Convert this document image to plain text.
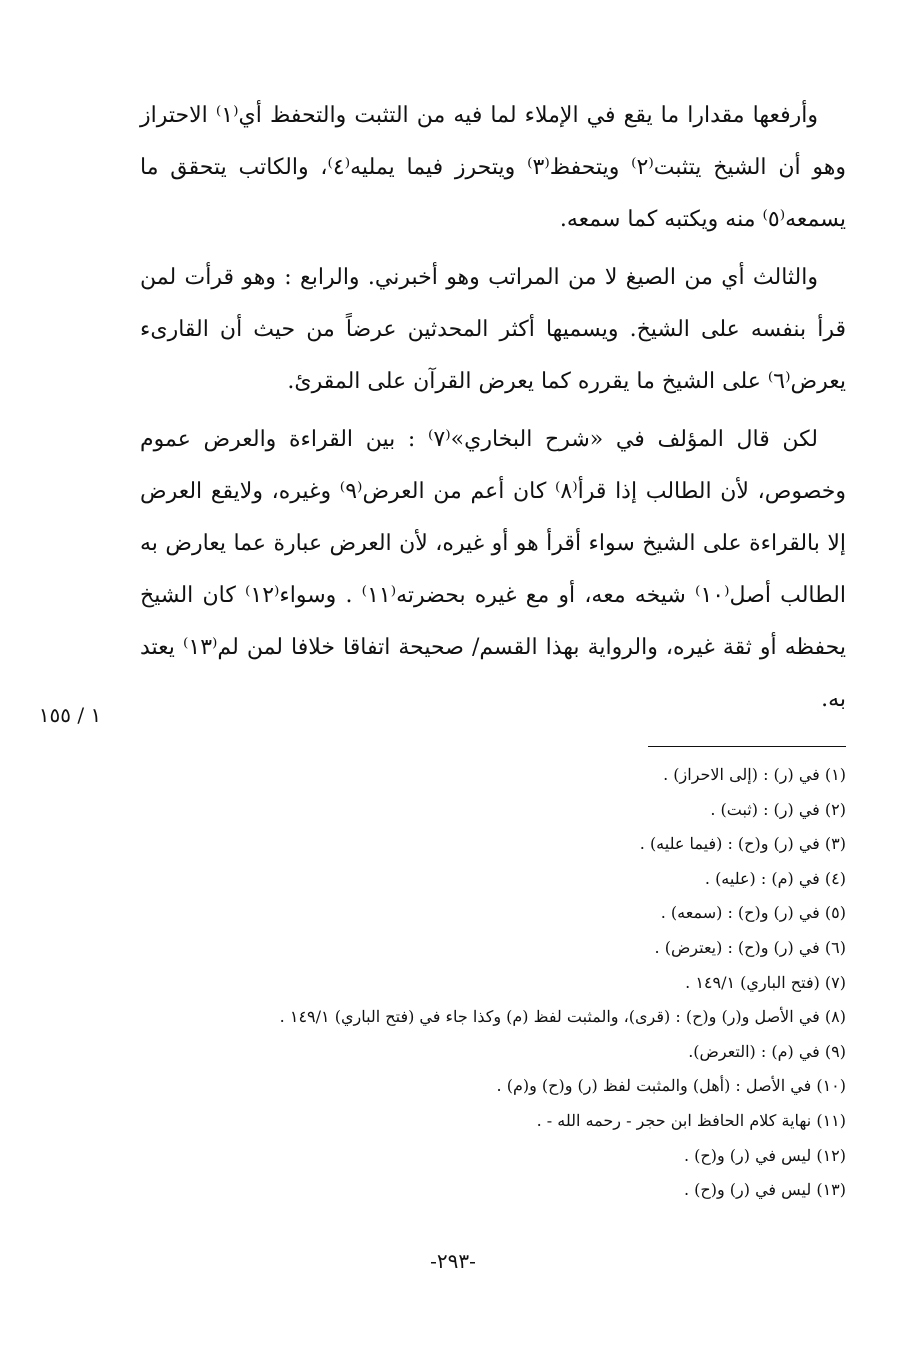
وأرفعها مقدارا ما يقع في الإملاء لما فيه من التثبت والتحفظ أي⁽١⁾ الاحتراز وهو أن الشيخ يتثبت⁽٢⁾ ويتحفظ⁽٣⁾ ويتحرز فيما يمليه⁽٤⁾، والكاتب يتحقق ما يسمعه⁽٥⁾ منه ويكتبه كما سمعه.

والثالث أي من الصيغ لا من المراتب وهو أخبرني. والرابع : وهو قرأت لمن قرأ بنفسه على الشيخ. ويسميها أكثر المحدثين عرضاً من حيث أن القارىء يعرض⁽٦⁾ على الشيخ ما يقرره كما يعرض القرآن على المقرئ.

لكن قال المؤلف في «شرح البخاري»⁽٧⁾ : بين القراءة والعرض عموم وخصوص، لأن الطالب إذا قرأ⁽٨⁾ كان أعم من العرض⁽٩⁾ وغيره، ولايقع العرض إلا بالقراءة على الشيخ سواء أقرأ هو أو غيره، لأن العرض عبارة عما يعارض به الطالب أصل⁽١٠⁾ شيخه معه، أو مع غيره بحضرته⁽١١⁾ . وسواء⁽١٢⁾ كان الشيخ يحفظه أو ثقة غيره، والرواية بهذا القسم/ صحيحة اتفاقا خلافا لمن لم⁽١٣⁾ يعتد به.

١ / ١٥٥
(١) في (ر) : (إلى الاحراز) .
(٢) في (ر) : (ثبت) .
(٣) في (ر) و(ح) : (فيما عليه) .
(٤) في (م) : (عليه) .
(٥) في (ر) و(ح) : (سمعه) .
(٦) في (ر) و(ح) : (يعترض) .
(٧) (فتح الباري) ١٤٩/١ .
(٨) في الأصل و(ر) و(ح) : (قرى)، والمثبت لفظ (م) وكذا جاء في (فتح الباري) ١٤٩/١ .
(٩) في (م) : (التعرض).
(١٠) في الأصل : (أهل) والمثبت لفظ (ر) و(ح) و(م) .
(١١) نهاية كلام الحافظ ابن حجر - رحمه الله - .
(١٢) ليس في (ر) و(ح) .
(١٣) ليس في (ر) و(ح) .
-٢٩٣-
